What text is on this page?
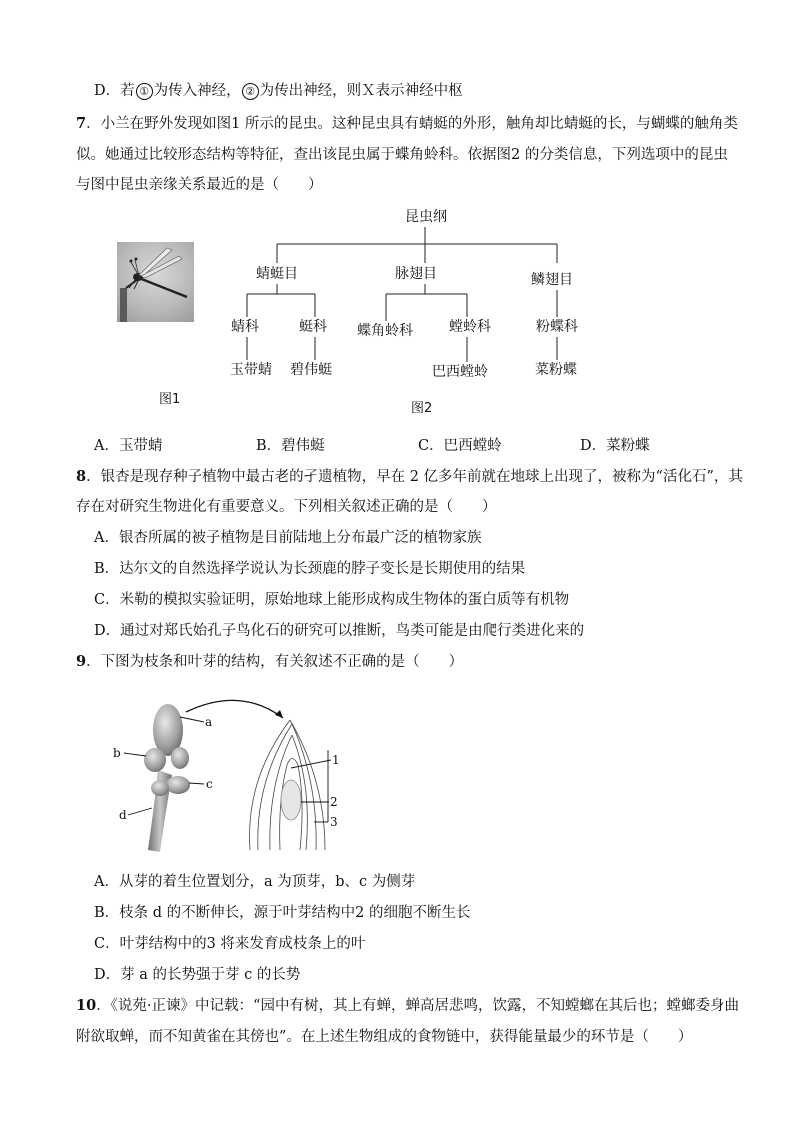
D．若 ① 为传入神经， ② 为传出神经，则Ｘ表示神经中枢
7．小兰在野外发现如图1 所示的昆虫。这种昆虫具有蜻蜓的外形，触角却比蜻蜓的长，与蝴蝶的触角类
似。她通过比较形态结构等特征，查出该昆虫属于蝶角蛉科。依据图2 的分类信息，下列选项中的昆虫
与图中昆虫亲缘关系最近的是（　　）
图1
昆虫纲
蜻蜓目	脉翅目	鳞翅目
蜻科	蜓科 蝶角蛉科	螳蛉科	粉蝶科
玉带蜻 碧伟蜓	巴西螳蛉	菜粉蝶
图2
A．玉带蜻	B．碧伟蜓	C．巴西螳蛉	D．菜粉蝶
8．银杏是现存种子植物中最古老的孑遗植物，早在 2 亿多年前就在地球上出现了，被称为“活化石”，其
存在对研究生物进化有重要意义。下列相关叙述正确的是（　　）
A．银杏所属的被子植物是目前陆地上分布最广泛的植物家族
B．达尔文的自然选择学说认为长颈鹿的脖子变长是长期使用的结果
C．米勒的模拟实验证明，原始地球上能形成构成生物体的蛋白质等有机物
D．通过对郑氏始孔子鸟化石的研究可以推断，鸟类可能是由爬行类进化来的
9．下图为枝条和叶芽的结构，有关叙述不正确的是（　　）
a
b
c
d
1
2
3
A．从芽的着生位置划分，a 为顶芽，b、c 为侧芽
B．枝条 d 的不断伸长，源于叶芽结构中2 的细胞不断生长
C．叶芽结构中的3 将来发育成枝条上的叶
D．芽 a 的长势强于芽 c 的长势
10．《说苑·正谏》中记载：“园中有树，其上有蝉，蝉高居悲鸣，饮露，不知螳螂在其后也；螳螂委身曲
附欲取蝉，而不知黄雀在其傍也”。在上述生物组成的食物链中，获得能量最少的环节是（　　）
